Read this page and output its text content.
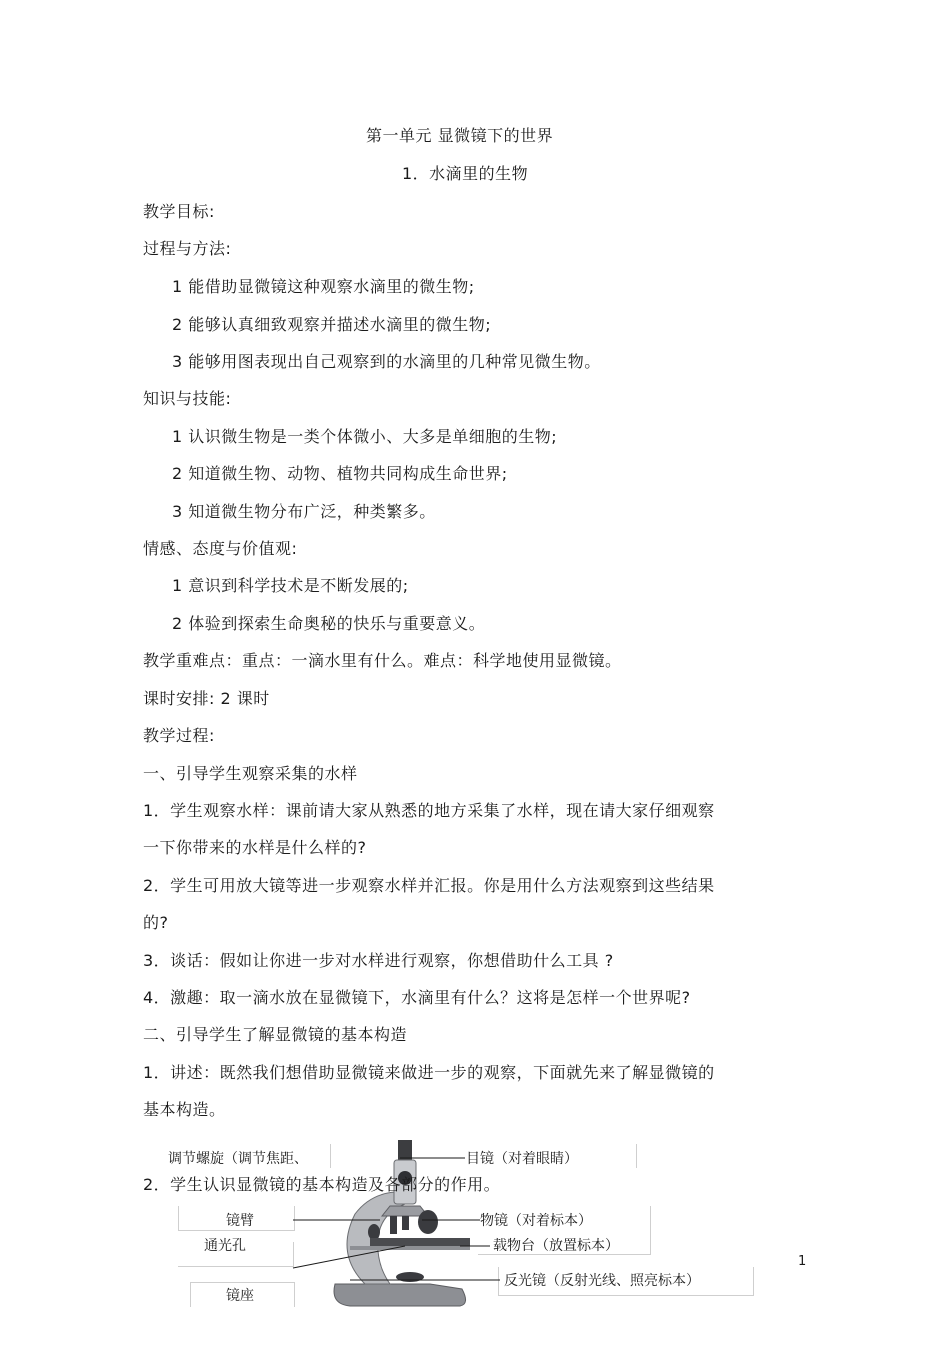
第一单元 显微镜下的世界
1．水滴里的生物
教学目标:
过程与方法:
1 能借助显微镜这种观察水滴里的微生物;
2 能够认真细致观察并描述水滴里的微生物;
3 能够用图表现出自己观察到的水滴里的几种常见微生物。
知识与技能:
1 认识微生物是一类个体微小、大多是单细胞的生物;
2 知道微生物、动物、植物共同构成生命世界;
3 知道微生物分布广泛，种类繁多。
情感、态度与价值观:
1 意识到科学技术是不断发展的;
2 体验到探索生命奥秘的快乐与重要意义。
教学重难点：重点：一滴水里有什么。难点：科学地使用显微镜。
课时安排: 2 课时
教学过程:
一、引导学生观察采集的水样
1．学生观察水样：课前请大家从熟悉的地方采集了水样，现在请大家仔细观察
一下你带来的水样是什么样的?
2．学生可用放大镜等进一步观察水样并汇报。你是用什么方法观察到这些结果
的?
3．谈话：假如让你进一步对水样进行观察，你想借助什么工具 ?
4．激趣：取一滴水放在显微镜下，水滴里有什么？这将是怎样一个世界呢?
二、引导学生了解显微镜的基本构造
1．讲述：既然我们想借助显微镜来做进一步的观察，下面就先来了解显微镜的
基本构造。
调节螺旋（调节焦距、	目镜（对着眼睛）
镜臂	物镜（对着标本）
通光孔	载物台（放置标本）
反光镜（反射光线、照亮标本）
镜座
2．学生认识显微镜的基本构造及各部分的作用。
1
